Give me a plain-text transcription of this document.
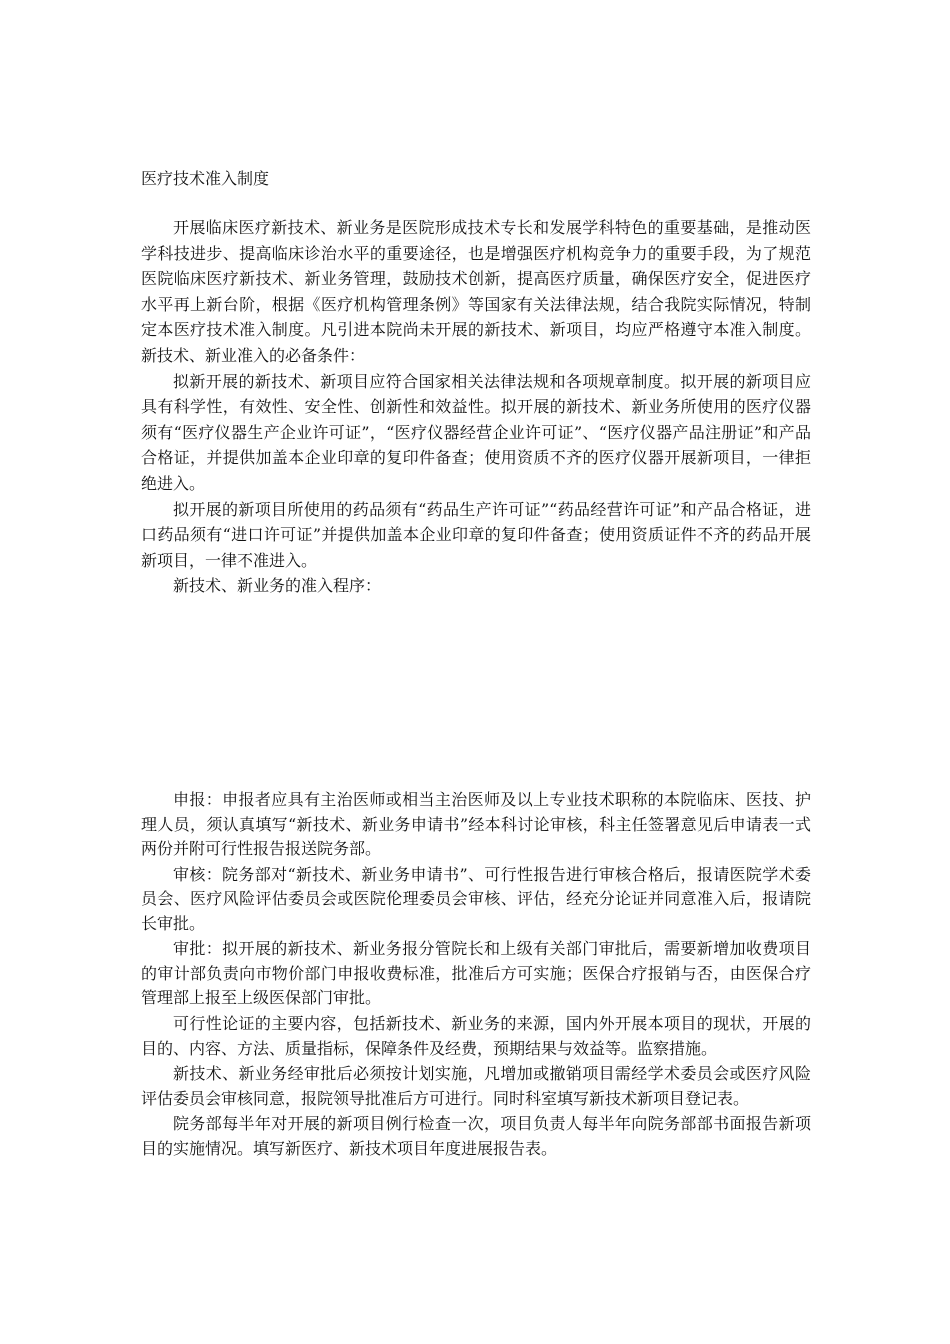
医疗技术准入制度

开展临床医疗新技术、新业务是医院形成技术专长和发展学科特色的重要基础，是推动医学科技进步、提高临床诊治水平的重要途径，也是增强医疗机构竞争力的重要手段，为了规范医院临床医疗新技术、新业务管理，鼓励技术创新，提高医疗质量，确保医疗安全，促进医疗水平再上新台阶，根据《医疗机构管理条例》等国家有关法律法规，结合我院实际情况，特制定本医疗技术准入制度。凡引进本院尚未开展的新技术、新项目，均应严格遵守本准入制度。新技术、新业准入的必备条件：

拟新开展的新技术、新项目应符合国家相关法律法规和各项规章制度。拟开展的新项目应具有科学性，有效性、安全性、创新性和效益性。拟开展的新技术、新业务所使用的医疗仪器须有“医疗仪器生产企业许可证”，“医疗仪器经营企业许可证”、“医疗仪器产品注册证”和产品合格证，并提供加盖本企业印章的复印件备查；使用资质不齐的医疗仪器开展新项目，一律拒绝进入。

拟开展的新项目所使用的药品须有“药品生产许可证”“药品经营许可证”和产品合格证，进口药品须有“进口许可证”并提供加盖本企业印章的复印件备查；使用资质证件不齐的药品开展新项目，一律不准进入。

新技术、新业务的准入程序：

申报：申报者应具有主治医师或相当主治医师及以上专业技术职称的本院临床、医技、护理人员，须认真填写“新技术、新业务申请书”经本科讨论审核，科主任签署意见后申请表一式两份并附可行性报告报送院务部。

审核：院务部对“新技术、新业务申请书”、可行性报告进行审核合格后，报请医院学术委员会、医疗风险评估委员会或医院伦理委员会审核、评估，经充分论证并同意准入后，报请院长审批。

审批：拟开展的新技术、新业务报分管院长和上级有关部门审批后，需要新增加收费项目的审计部负责向市物价部门申报收费标准，批准后方可实施；医保合疗报销与否，由医保合疗管理部上报至上级医保部门审批。

可行性论证的主要内容，包括新技术、新业务的来源，国内外开展本项目的现状，开展的目的、内容、方法、质量指标，保障条件及经费，预期结果与效益等。监察措施。

新技术、新业务经审批后必须按计划实施，凡增加或撤销项目需经学术委员会或医疗风险评估委员会审核同意，报院领导批准后方可进行。同时科室填写新技术新项目登记表。

院务部每半年对开展的新项目例行检查一次，项目负责人每半年向院务部部书面报告新项目的实施情况。填写新医疗、新技术项目年度进展报告表。
